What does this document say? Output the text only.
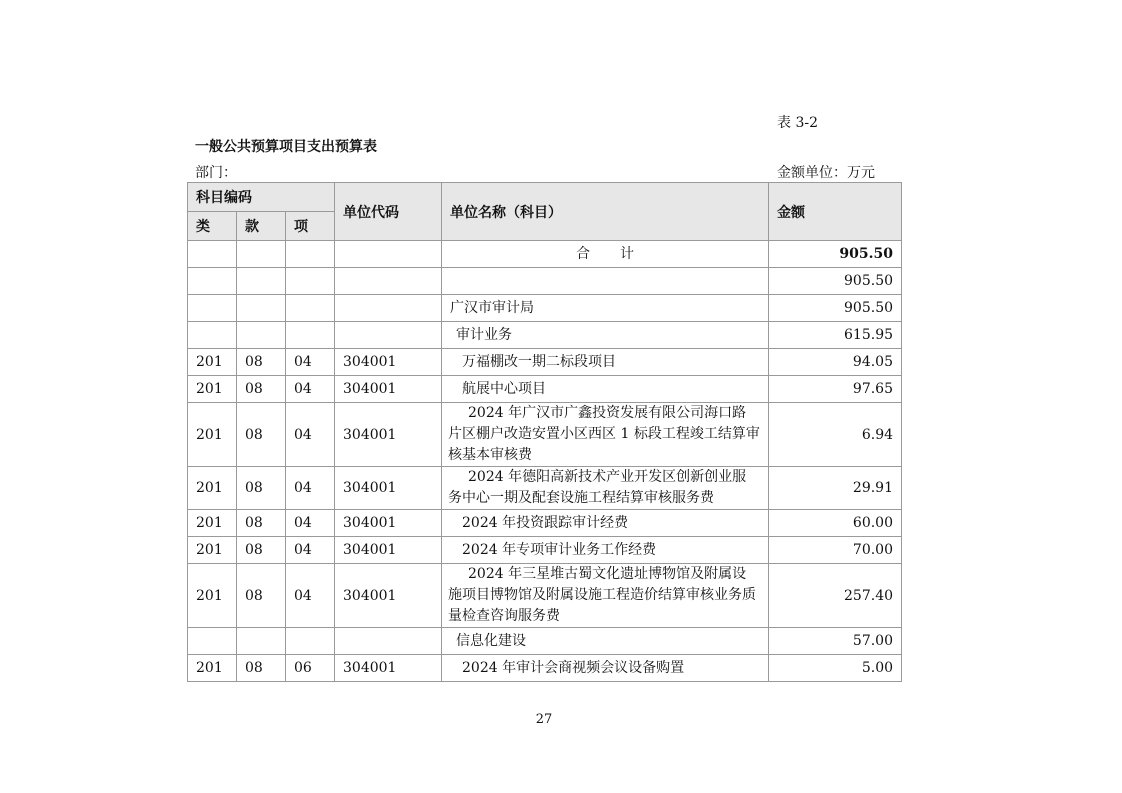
表 3-2
一般公共预算项目支出预算表
部门：	金额单位：万元
科目编码			单位代码	单位名称（科目）	金额
类	款	项			
				合计	905.50
					905.50
				广汉市审计局	905.50
				审计业务	615.95
201	08	04	304001	万福棚改一期二标段项目	94.05
201	08	04	304001	航展中心项目	97.65
201	08	04	304001	2024 年广汉市广鑫投资发展有限公司海口路片区棚户改造安置小区西区 1 标段工程竣工结算审核基本审核费	6.94
201	08	04	304001	2024 年德阳高新技术产业开发区创新创业服务中心一期及配套设施工程结算审核服务费	29.91
201	08	04	304001	2024 年投资跟踪审计经费	60.00
201	08	04	304001	2024 年专项审计业务工作经费	70.00
201	08	04	304001	2024 年三星堆古蜀文化遗址博物馆及附属设施项目博物馆及附属设施工程造价结算审核业务质量检查咨询服务费	257.40
				信息化建设	57.00
201	08	06	304001	2024 年审计会商视频会议设备购置	5.00
27
